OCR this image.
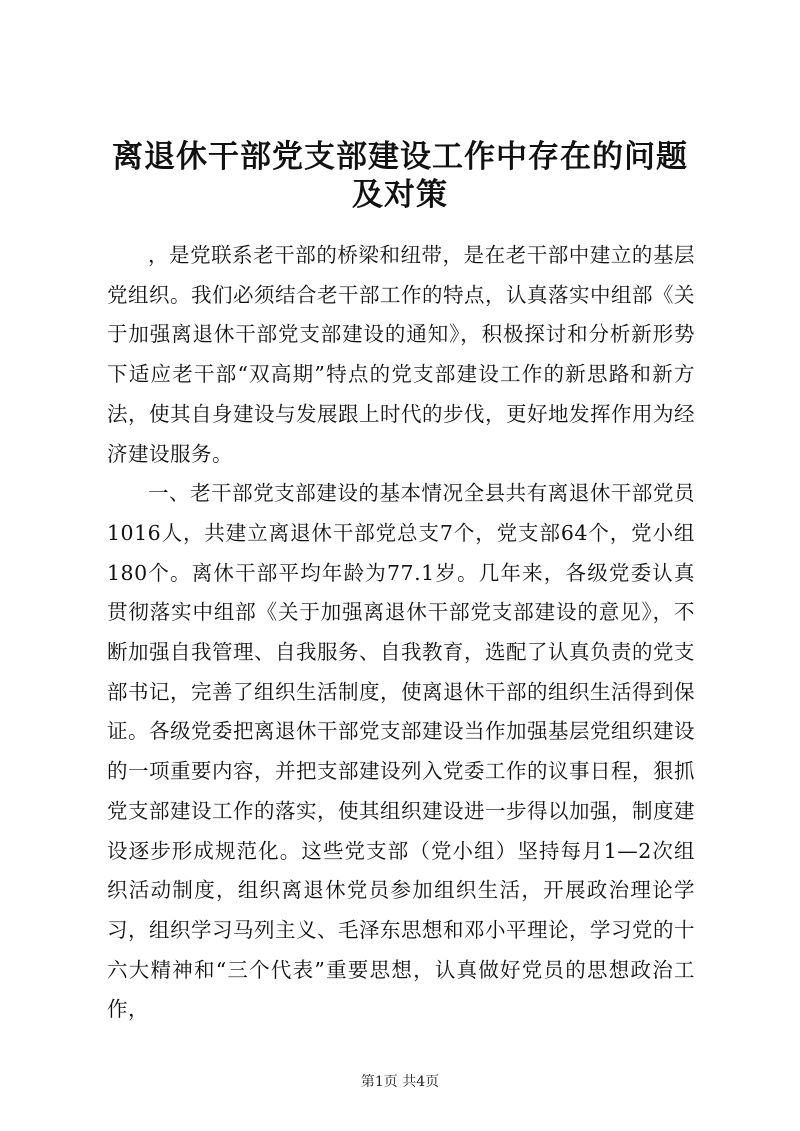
离退休干部党支部建设工作中存在的问题及对策

，是党联系老干部的桥梁和纽带，是在老干部中建立的基层党组织。我们必须结合老干部工作的特点，认真落实中组部《关于加强离退休干部党支部建设的通知》，积极探讨和分析新形势下适应老干部“双高期”特点的党支部建设工作的新思路和新方法，使其自身建设与发展跟上时代的步伐，更好地发挥作用为经济建设服务。

一、老干部党支部建设的基本情况全县共有离退休干部党员1016人，共建立离退休干部党总支7个，党支部64个，党小组180个。离休干部平均年龄为77.1岁。几年来，各级党委认真贯彻落实中组部《关于加强离退休干部党支部建设的意见》，不断加强自我管理、自我服务、自我教育，选配了认真负责的党支部书记，完善了组织生活制度，使离退休干部的组织生活得到保证。各级党委把离退休干部党支部建设当作加强基层党组织建设的一项重要内容，并把支部建设列入党委工作的议事日程，狠抓党支部建设工作的落实，使其组织建设进一步得以加强，制度建设逐步形成规范化。这些党支部（党小组）坚持每月1—2次组织活动制度，组织离退休党员参加组织生活，开展政治理论学习，组织学习马列主义、毛泽东思想和邓小平理论，学习党的十六大精神和“三个代表”重要思想，认真做好党员的思想政治工作，

第1页 共4页
